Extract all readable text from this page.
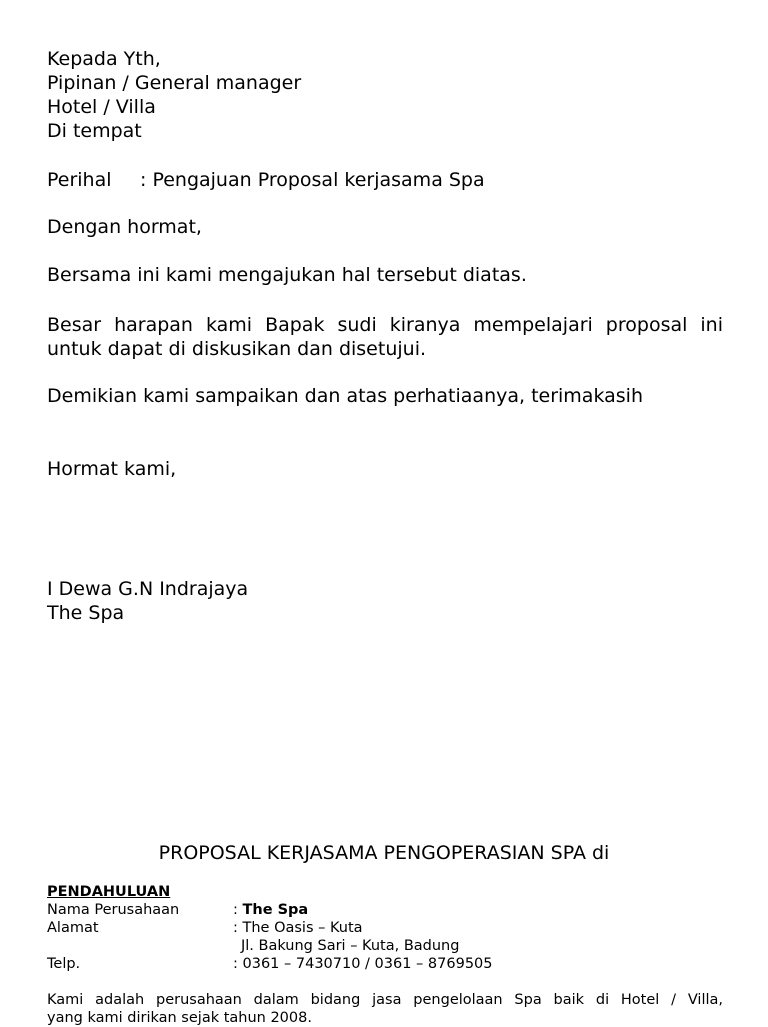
Kepada Yth,
Pipinan / General manager
Hotel / Villa
Di tempat
Perihal : Pengajuan Proposal kerjasama Spa
Dengan hormat,
Bersama ini kami mengajukan hal tersebut diatas.
Besar harapan kami Bapak sudi kiranya mempelajari proposal ini
untuk dapat di diskusikan dan disetujui.
Demikian kami sampaikan dan atas perhatiaanya, terimakasih
Hormat kami,
I Dewa G.N Indrajaya
The Spa
PROPOSAL KERJASAMA PENGOPERASIAN SPA di
PENDAHULUAN
Nama Perusahaan	: The Spa
Alamat	: The Oasis – Kuta
Jl. Bakung Sari – Kuta, Badung
Telp.	: 0361 – 7430710 / 0361 – 8769505
Kami adalah perusahaan dalam bidang jasa pengelolaan Spa baik di Hotel / Villa,
yang kami dirikan sejak tahun 2008.
